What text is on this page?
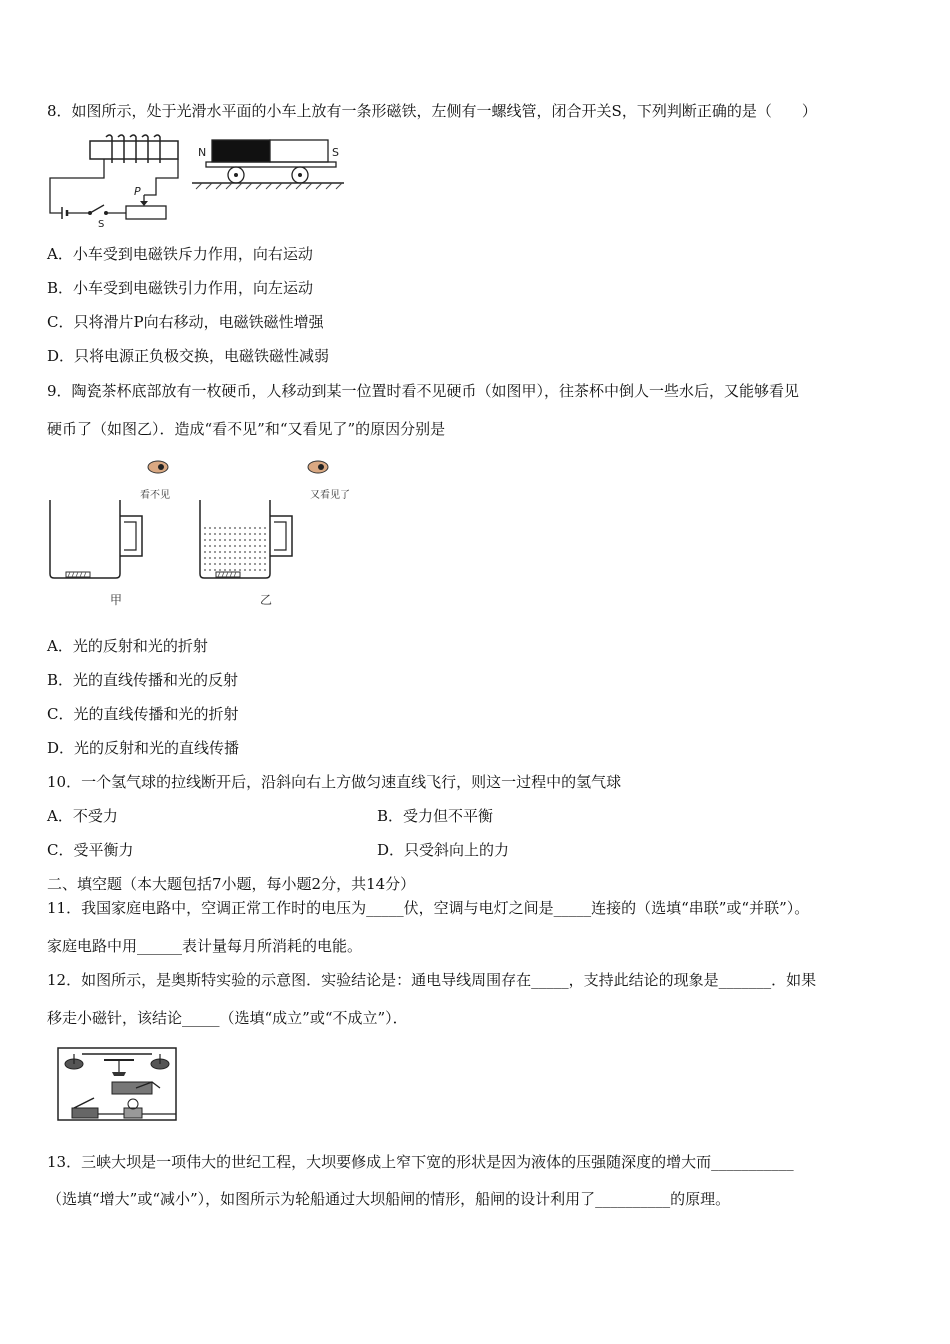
8．如图所示，处于光滑水平面的小车上放有一条形磁铁，左侧有一螺线管，闭合开关S，下列判断正确的是（　　）
S
P
N	S
A．小车受到电磁铁斥力作用，向右运动
B．小车受到电磁铁引力作用，向左运动
C．只将滑片P向右移动，电磁铁磁性增强
D．只将电源正负极交换，电磁铁磁性减弱
9．陶瓷茶杯底部放有一枚硬币，人移动到某一位置时看不见硬币（如图甲），往茶杯中倒人一些水后，又能够看见
硬币了（如图乙）．造成“看不见”和“又看见了”的原因分别是
看不见
甲
又看见了
乙
A．光的反射和光的折射
B．光的直线传播和光的反射
C．光的直线传播和光的折射
D．光的反射和光的直线传播
10．一个氢气球的拉线断开后，沿斜向右上方做匀速直线飞行，则这一过程中的氢气球
A．不受力	B．受力但不平衡
C．受平衡力	D．只受斜向上的力
二、填空题（本大题包括7小题，每小题2分，共14分）
11．我国家庭电路中，空调正常工作时的电压为_____伏，空调与电灯之间是_____连接的（选填“串联”或“并联”）。
家庭电路中用______表计量每月所消耗的电能。
12．如图所示，是奥斯特实验的示意图．实验结论是：通电导线周围存在_____，支持此结论的现象是_______．如果
移走小磁针，该结论_____（选填“成立”或“不成立”）．
13．三峡大坝是一项伟大的世纪工程，大坝要修成上窄下宽的形状是因为液体的压强随深度的增大而___________
（选填“增大”或“减小”），如图所示为轮船通过大坝船闸的情形，船闸的设计利用了__________的原理。
